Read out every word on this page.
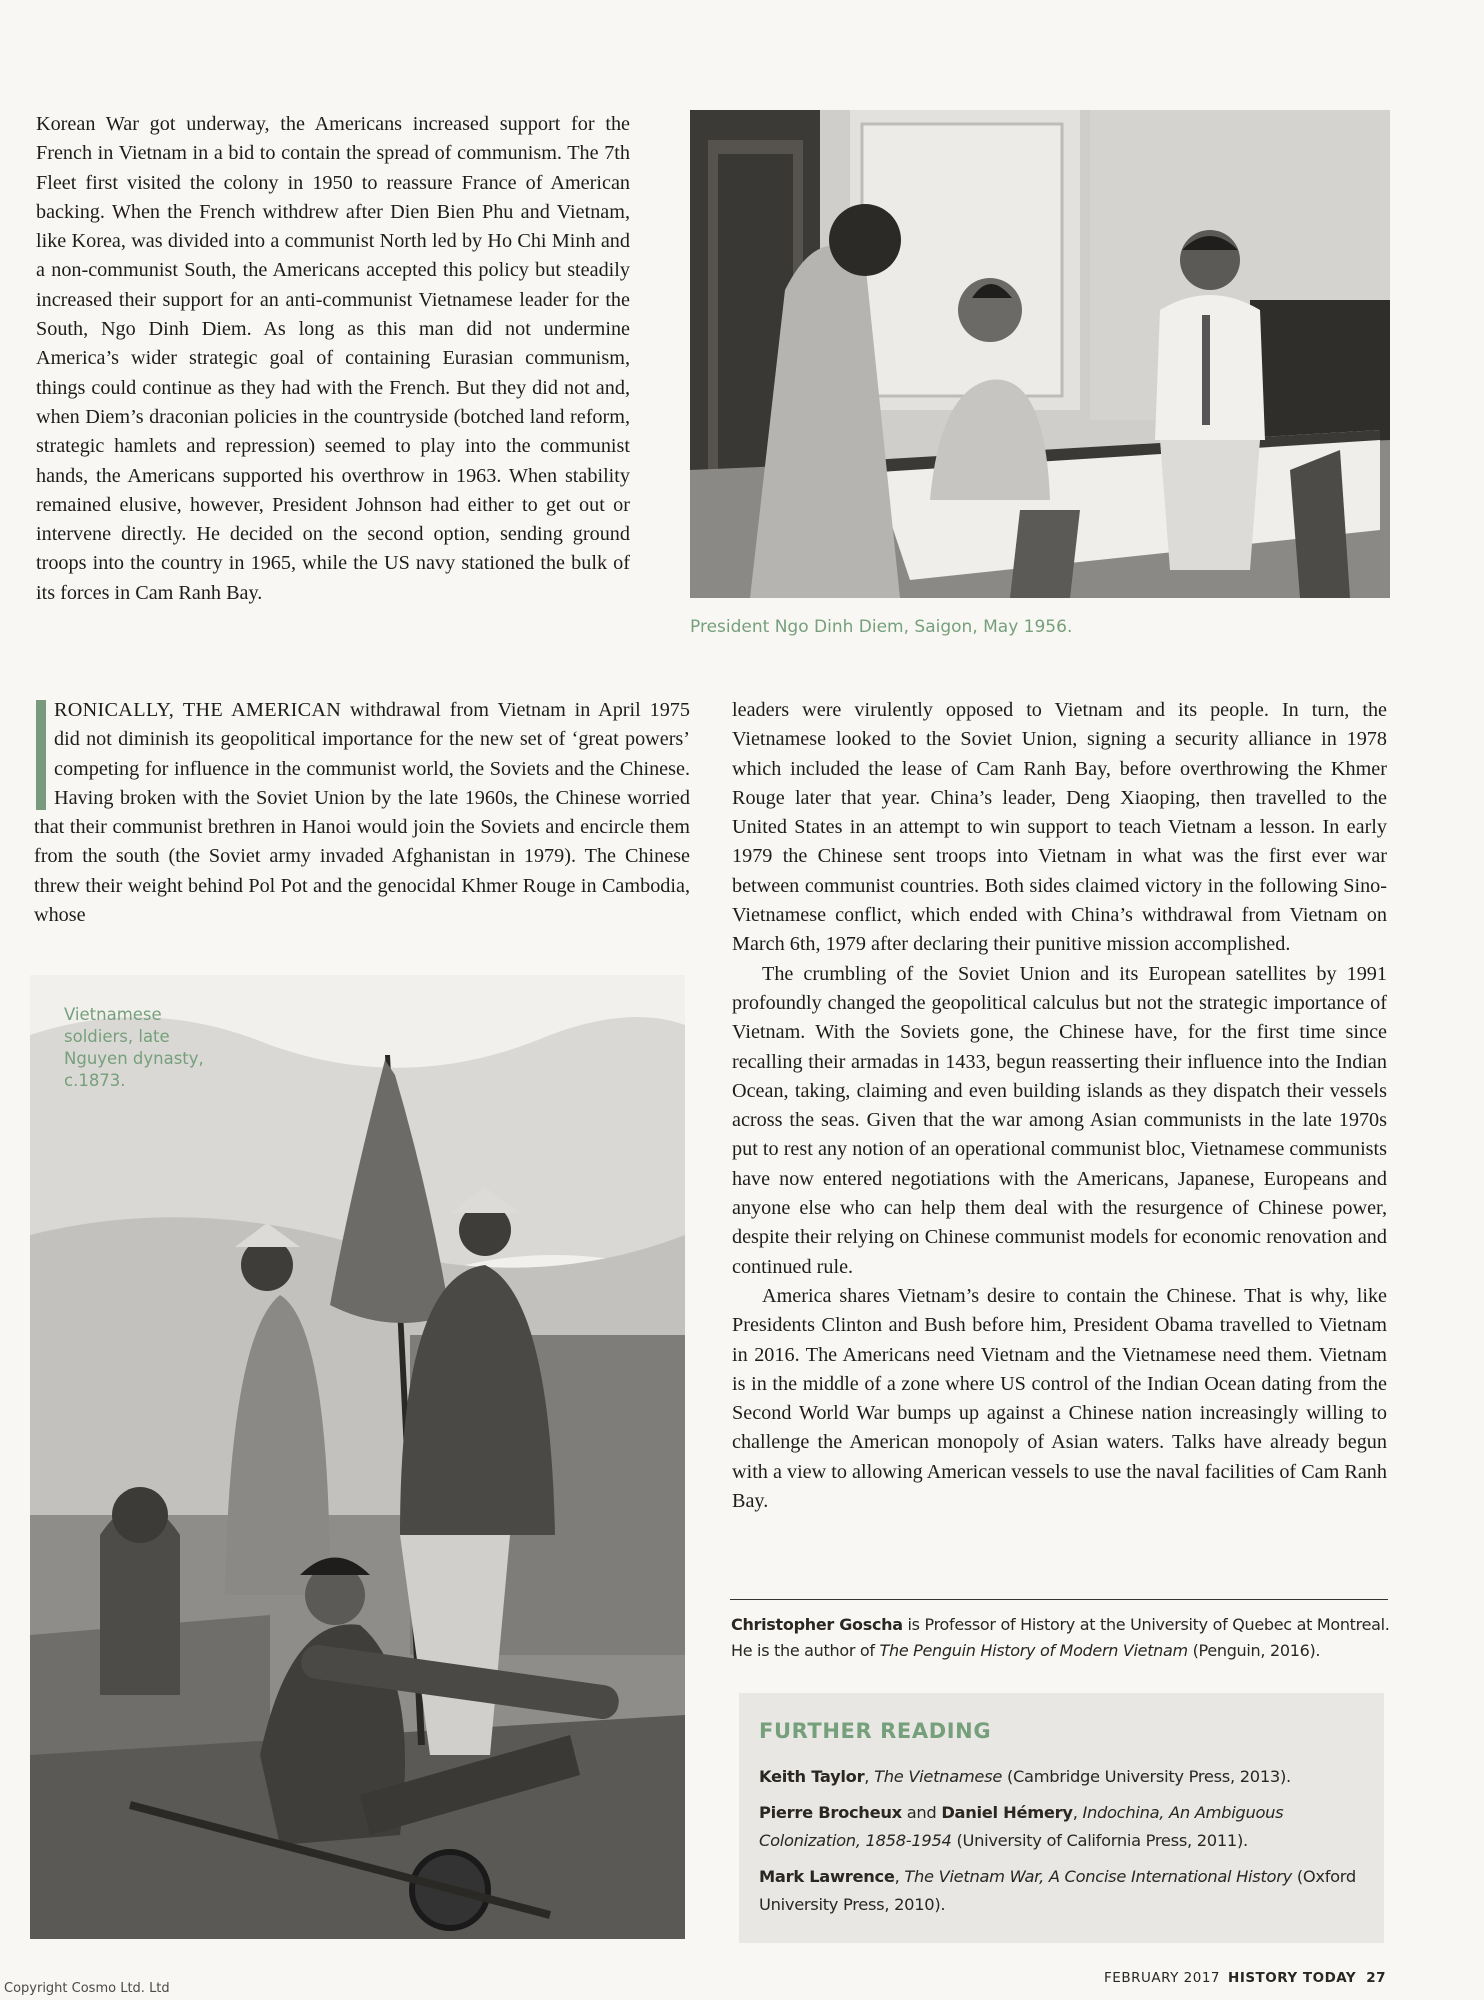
Korean War got underway, the Americans increased support for the French in Vietnam in a bid to contain the spread of communism. The 7th Fleet first visited the colony in 1950 to reassure France of American backing. When the French withdrew after Dien Bien Phu and Vietnam, like Korea, was divided into a communist North led by Ho Chi Minh and a non-communist South, the Americans accepted this policy but steadily increased their support for an anti-communist Vietnamese leader for the South, Ngo Dinh Diem. As long as this man did not undermine America’s wider strategic goal of containing Eurasian communism, things could continue as they had with the French. But they did not and, when Diem’s draconian policies in the countryside (botched land reform, strategic hamlets and repression) seemed to play into the communist hands, the Americans supported his overthrow in 1963. When stability remained elusive, however, President Johnson had either to get out or intervene directly. He decided on the second option, sending ground troops into the country in 1965, while the US navy stationed the bulk of its forces in Cam Ranh Bay.

President Ngo Dinh Diem, Saigon, May 1956.

RONICALLY, THE AMERICAN withdrawal from Vietnam in April 1975 did not diminish its geopolitical importance for the new set of ‘great powers’ competing for influence in the communist world, the Soviets and the Chinese. Having broken with the Soviet Union by the late 1960s, the Chinese worried that their communist brethren in Hanoi would join the Soviets and encircle them from the south (the Soviet army invaded Afghanistan in 1979). The Chinese threw their weight behind Pol Pot and the genocidal Khmer Rouge in Cambodia, whose

Vietnamese soldiers, late Nguyen dynasty, c.1873.

leaders were virulently opposed to Vietnam and its people. In turn, the Vietnamese looked to the Soviet Union, signing a security alliance in 1978 which included the lease of Cam Ranh Bay, before overthrowing the Khmer Rouge later that year. China’s leader, Deng Xiaoping, then travelled to the United States in an attempt to win support to teach Vietnam a lesson. In early 1979 the Chinese sent troops into Vietnam in what was the first ever war between communist countries. Both sides claimed victory in the following Sino-Vietnamese conflict, which ended with China’s withdrawal from Vietnam on March 6th, 1979 after declaring their punitive mission accomplished.

The crumbling of the Soviet Union and its European satellites by 1991 profoundly changed the geopolitical calculus but not the strategic importance of Vietnam. With the Soviets gone, the Chinese have, for the first time since recalling their armadas in 1433, begun reasserting their influence into the Indian Ocean, taking, claiming and even building islands as they dispatch their vessels across the seas. Given that the war among Asian communists in the late 1970s put to rest any notion of an operational communist bloc, Vietnamese communists have now entered negotiations with the Americans, Japanese, Europeans and anyone else who can help them deal with the resurgence of Chinese power, despite their relying on Chinese communist models for economic renovation and continued rule.

America shares Vietnam’s desire to contain the Chinese. That is why, like Presidents Clinton and Bush before him, President Obama travelled to Vietnam in 2016. The Americans need Vietnam and the Vietnamese need them. Vietnam is in the middle of a zone where US control of the Indian Ocean dating from the Second World War bumps up against a Chinese nation increasingly willing to challenge the American monopoly of Asian waters. Talks have already begun with a view to allowing American vessels to use the naval facilities of Cam Ranh Bay.

Christopher Goscha is Professor of History at the University of Quebec at Montreal. He is the author of The Penguin History of Modern Vietnam (Penguin, 2016).
FURTHER READING
Keith Taylor, The Vietnamese (Cambridge University Press, 2013).
Pierre Brocheux and Daniel Hémery, Indochina, An Ambiguous Colonization, 1858-1954 (University of California Press, 2011).
Mark Lawrence, The Vietnam War, A Concise International History (Oxford University Press, 2010).
FEBRUARY 2017 HISTORY TODAY 27
Copyright Cosmo Ltd. Ltd
